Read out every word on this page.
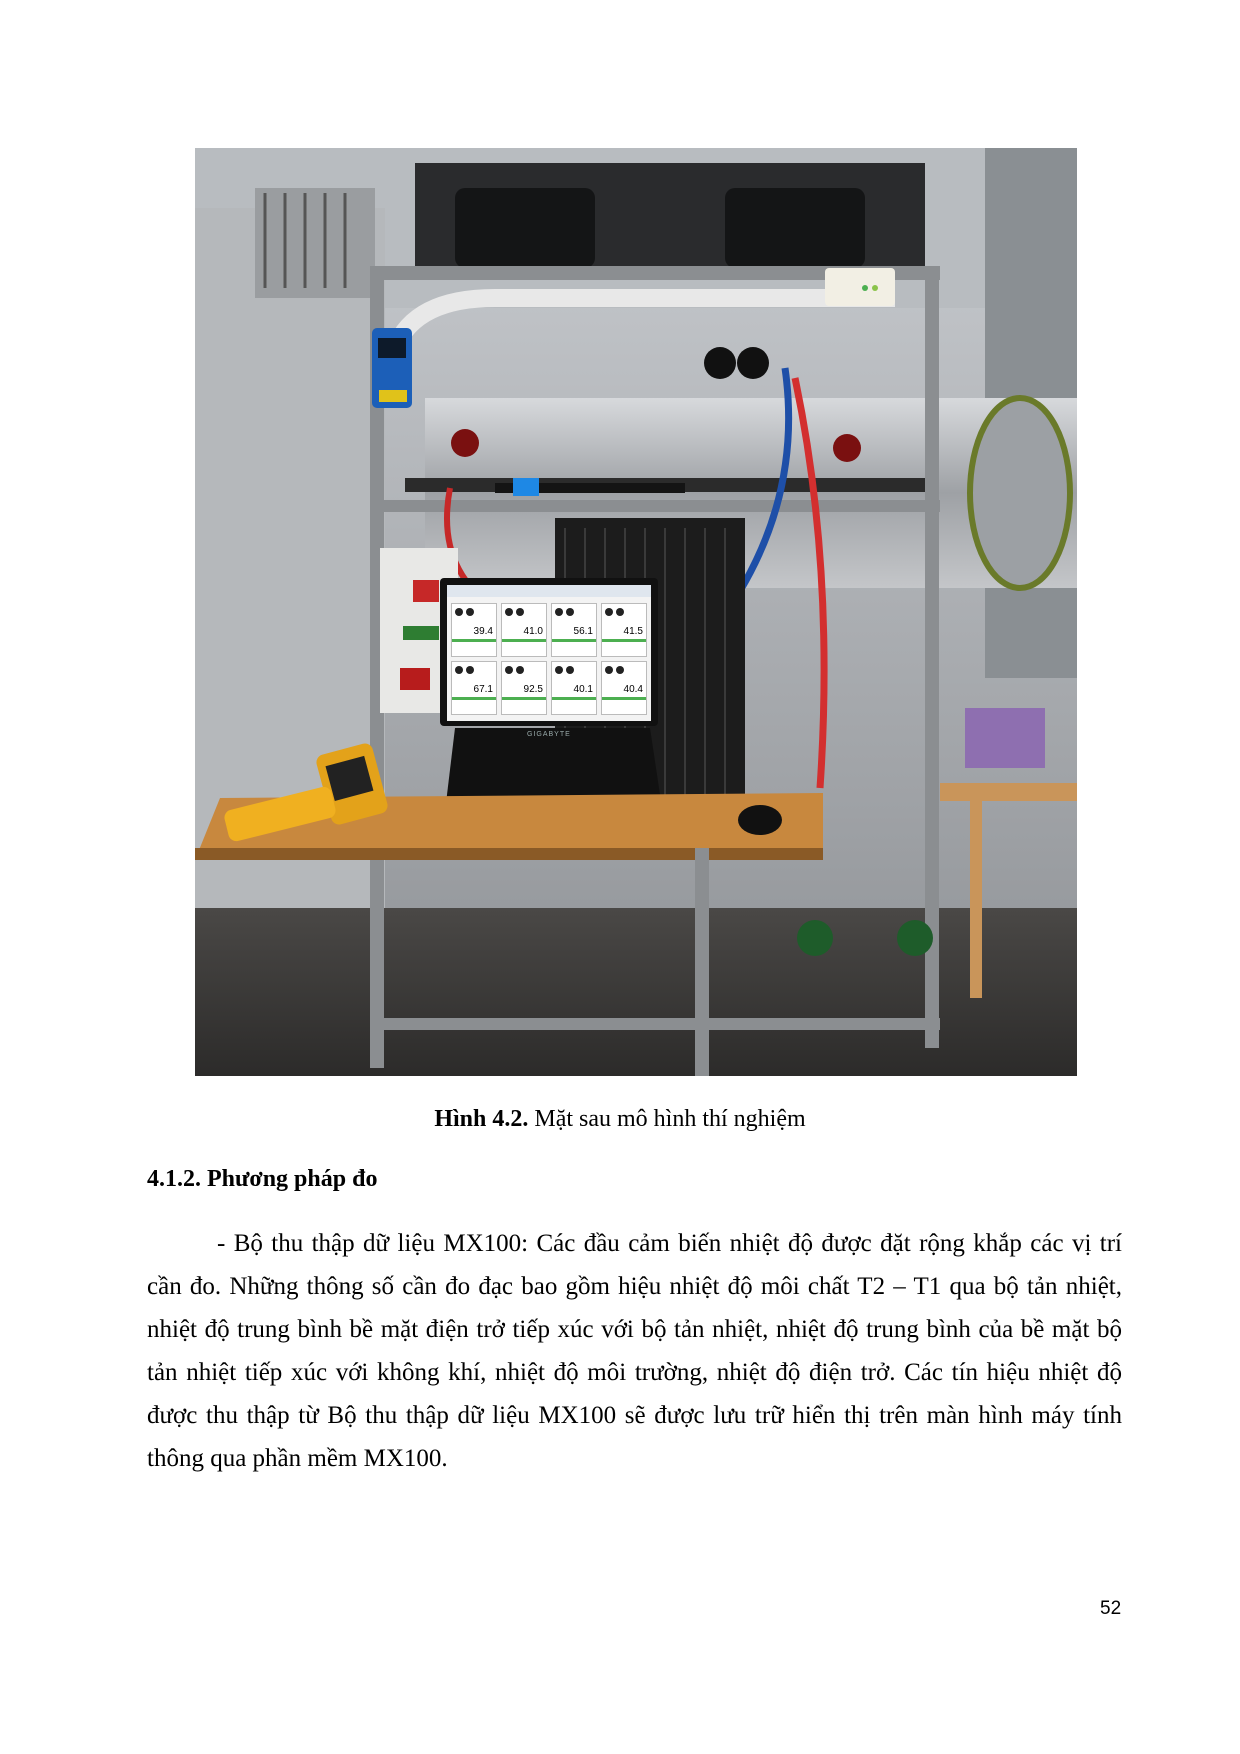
39.4	41.0	56.1	41.5
67.1	92.5	40.1	40.4
GIGABYTE
Hình 4.2. Mặt sau mô hình thí nghiệm
4.1.2. Phương pháp đo
- Bộ thu thập dữ liệu MX100: Các đầu cảm biến nhiệt độ được đặt rộng khắp các vị trí cần đo. Những thông số cần đo đạc bao gồm hiệu nhiệt độ môi chất T2 – T1 qua bộ tản nhiệt, nhiệt độ trung bình bề mặt điện trở tiếp xúc với bộ tản nhiệt, nhiệt độ trung bình của bề mặt bộ tản nhiệt tiếp xúc với không khí, nhiệt độ môi trường, nhiệt độ điện trở. Các tín hiệu nhiệt độ được thu thập từ Bộ thu thập dữ liệu MX100 sẽ được lưu trữ hiển thị trên màn hình máy tính thông qua phần mềm MX100.
52
